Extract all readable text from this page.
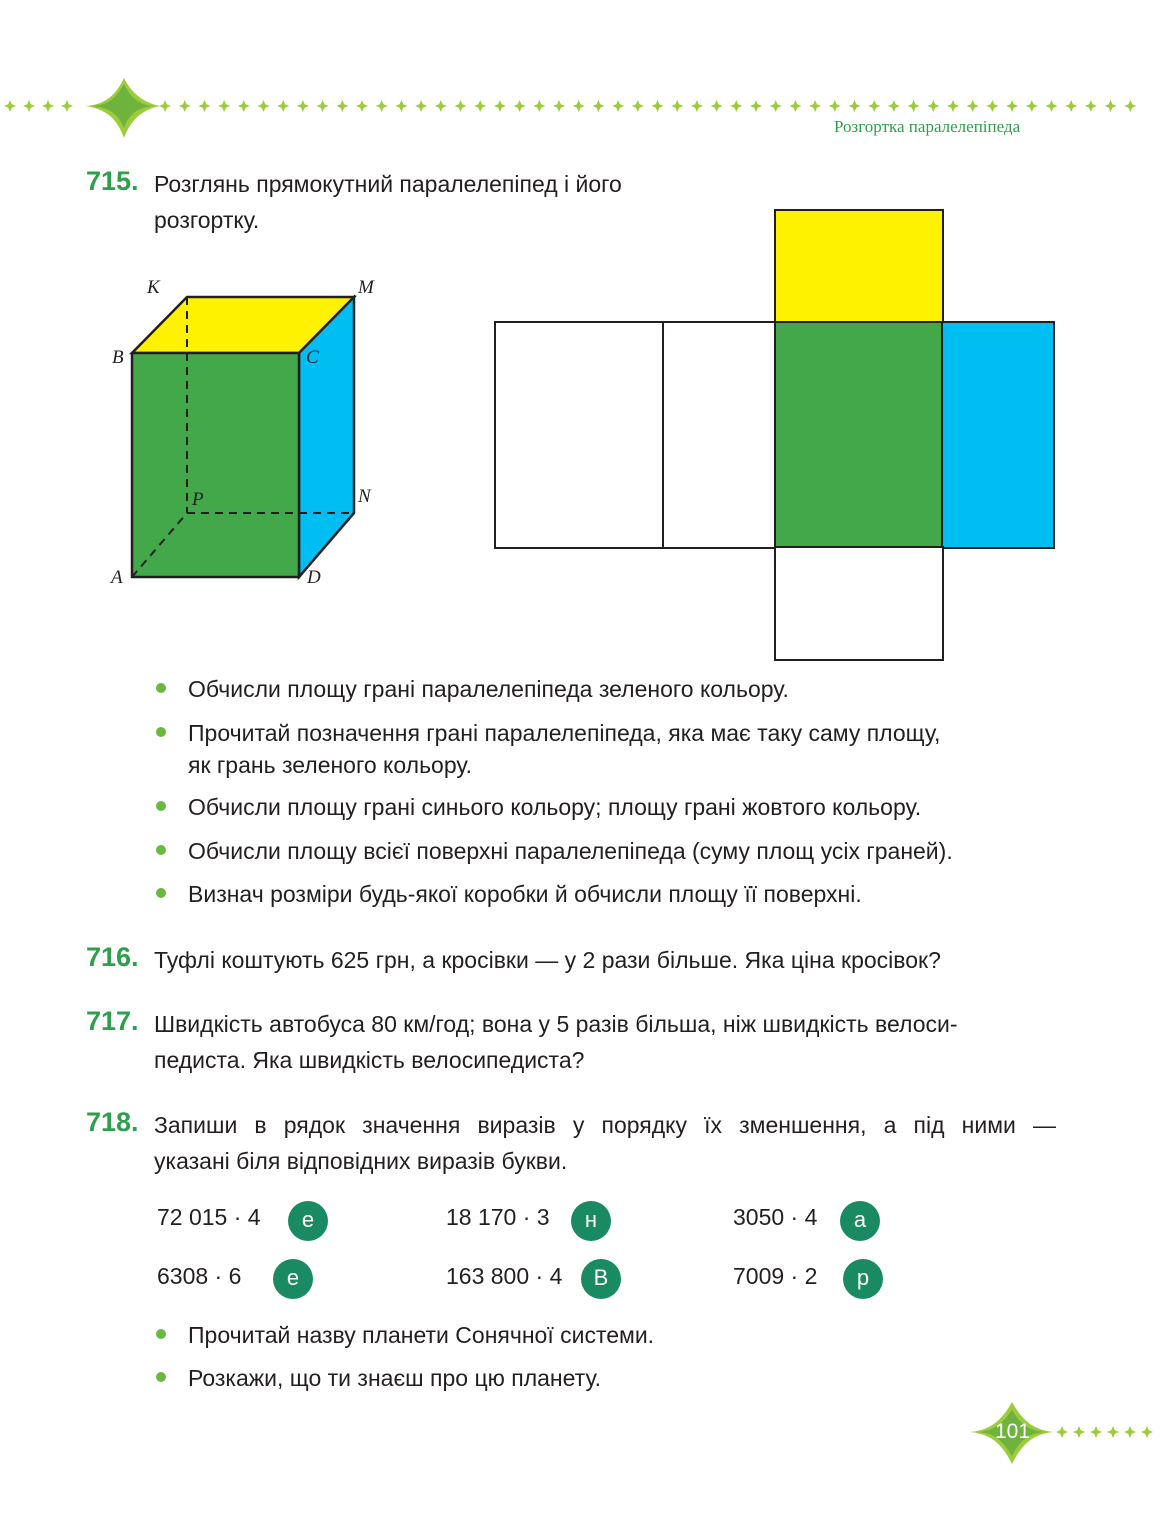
Розгортка паралелепіпеда
715. Розглянь прямокутний паралелепіпед і його
розгортку.
K	M
B	C
P	N
A	D
Обчисли площу грані паралелепіпеда зеленого кольору.
Прочитай позначення грані паралелепіпеда, яка має таку саму площу,
як грань зеленого кольору.
Обчисли площу грані синього кольору; площу грані жовтого кольору.
Обчисли площу всієї поверхні паралелепіпеда (суму площ усіх граней).
Визнач розміри будь-якої коробки й обчисли площу її поверхні.
716. Туфлі коштують 625 грн, а кросівки — у 2 рази більше. Яка ціна кросівок?
717. Швидкість автобуса 80 км/год; вона у 5 разів більша, ніж швидкість велоси-
педиста. Яка швидкість велосипедиста?
718. Запиши в рядок значення виразів у порядку їх зменшення, а під ними —
указані біля відповідних виразів букви.
72 015 · 4	е	18 170 · 3	н	3050 · 4	а
6308 · 6	е	163 800 · 4	В	7009 · 2	р
Прочитай назву планети Сонячної системи.
Розкажи, що ти знаєш про цю планету.
101
